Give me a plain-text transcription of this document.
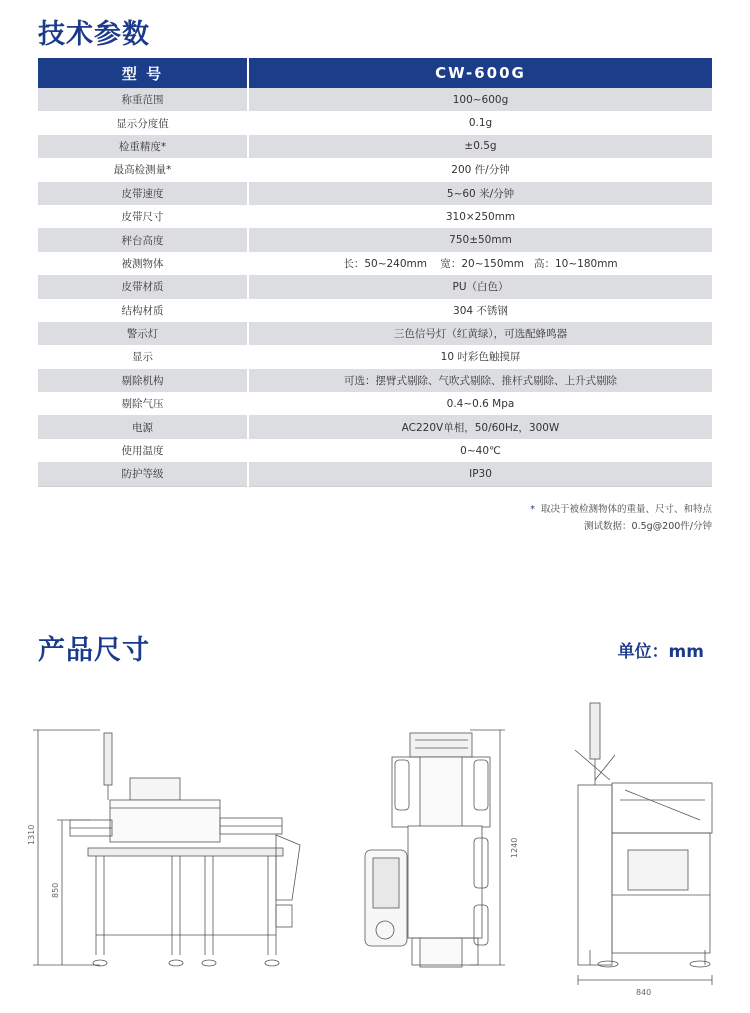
技术参数
型 号	CW-600G
称重范围	100~600g
显示分度值	0.1g
检重精度*	±0.5g
最高检测量*	200 件/分钟
皮带速度	5~60 米/分钟
皮带尺寸	310×250mm
秤台高度	750±50mm
被测物体	长：50~240mm    宽：20~150mm   高：10~180mm
皮带材质	PU（白色）
结构材质	304 不锈钢
警示灯	三色信号灯（红黄绿），可选配蜂鸣器
显示	10 吋彩色触摸屏
剔除机构	可选：摆臂式剔除、气吹式剔除、推杆式剔除、上升式剔除
剔除气压	0.4~0.6 Mpa
电源	AC220V单相，50/60Hz，300W
使用温度	0~40℃
防护等级	IP30
* 取决于被检测物体的重量、尺寸、和特点
测试数据：0.5g@200件/分钟
产品尺寸	单位：mm
1310
850
1240
840
